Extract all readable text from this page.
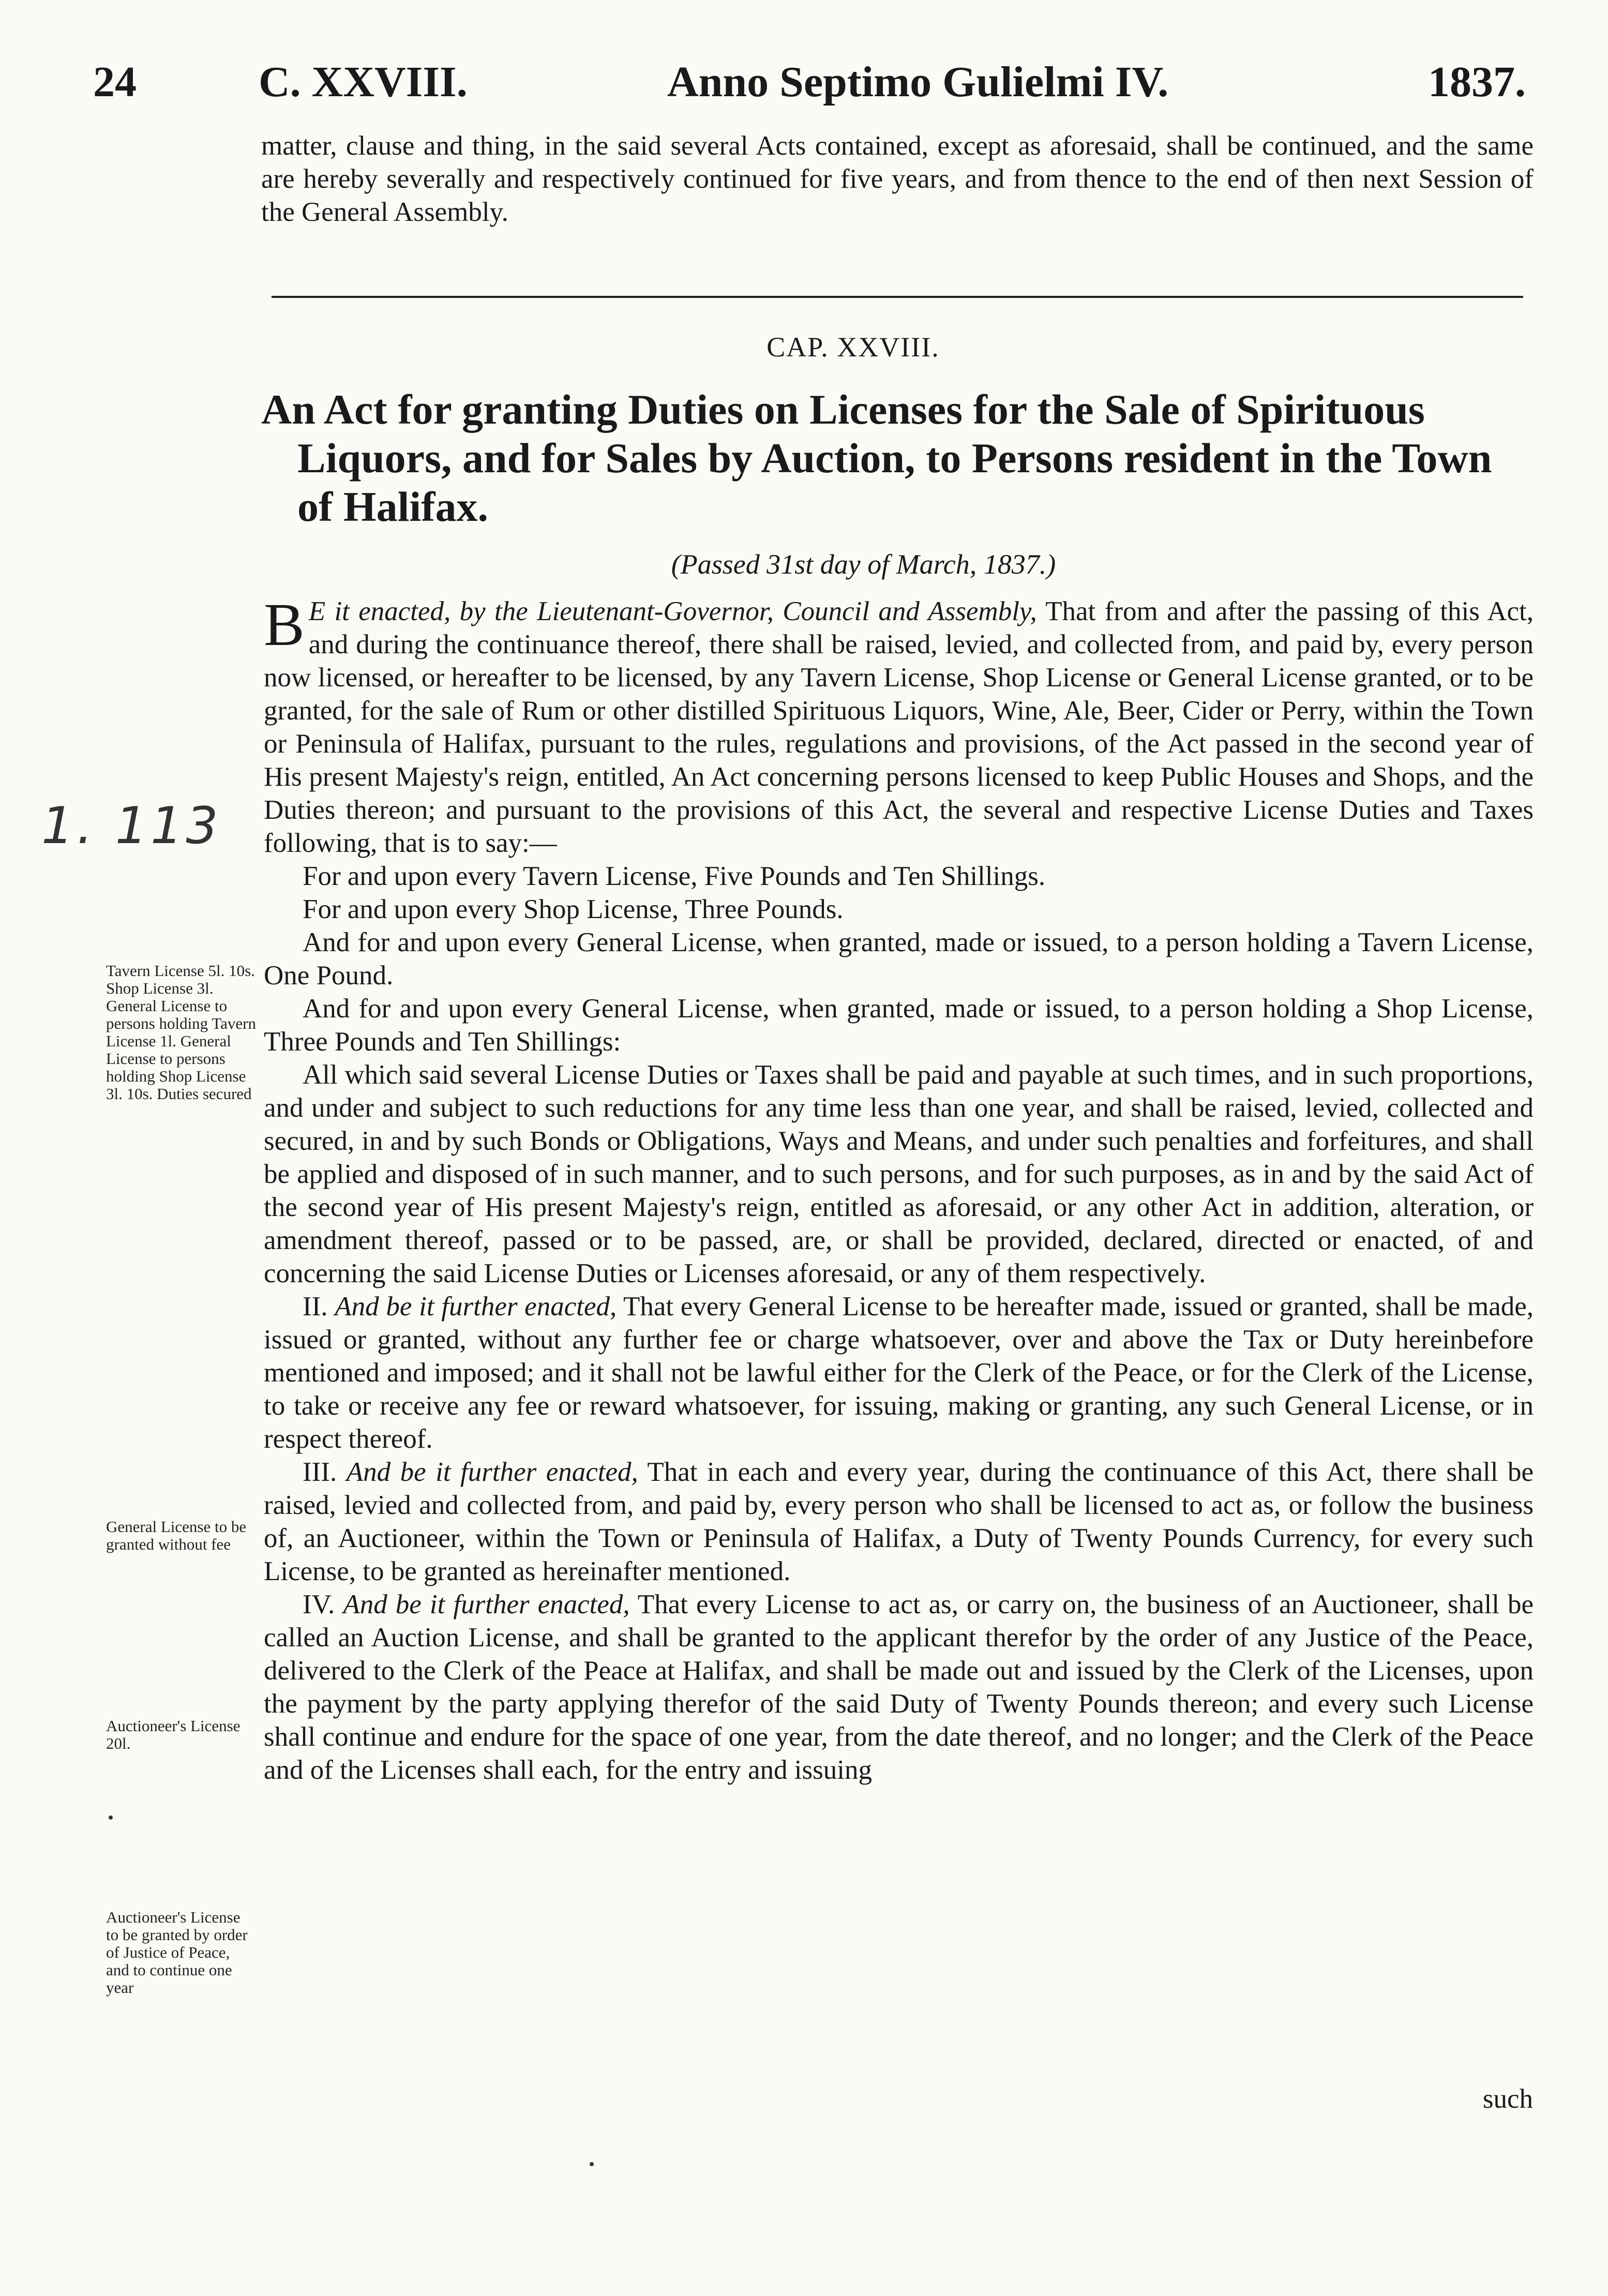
24	C. XXVIII.	Anno Septimo Gulielmi IV.	1837.
matter, clause and thing, in the said several Acts contained, except as aforesaid, shall be continued, and the same are hereby severally and respectively continued for five years, and from thence to the end of then next Session of the General Assembly.
CAP. XXVIII.
An Act for granting Duties on Licenses for the Sale of Spirituous Liquors, and for Sales by Auction, to Persons resident in the Town of Halifax.
(Passed 31st day of March, 1837.)
1. 113

B E it enacted, by the Lieutenant-Governor, Council and Assembly, That from and after the passing of this Act, and during the continuance thereof, there shall be raised, levied, and collected from, and paid by, every person now licensed, or hereafter to be licensed, by any Tavern License, Shop License or General License granted, or to be granted, for the sale of Rum or other distilled Spirituous Liquors, Wine, Ale, Beer, Cider or Perry, within the Town or Peninsula of Halifax, pursuant to the rules, regulations and provisions, of the Act passed in the second year of His present Majesty's reign, entitled, An Act concerning persons licensed to keep Public Houses and Shops, and the Duties thereon; and pursuant to the provisions of this Act, the several and respective License Duties and Taxes following, that is to say:—

For and upon every Tavern License, Five Pounds and Ten Shillings.

For and upon every Shop License, Three Pounds.

And for and upon every General License, when granted, made or issued, to a person holding a Tavern License, One Pound.

And for and upon every General License, when granted, made or issued, to a person holding a Shop License, Three Pounds and Ten Shillings:

All which said several License Duties or Taxes shall be paid and payable at such times, and in such proportions, and under and subject to such reductions for any time less than one year, and shall be raised, levied, collected and secured, in and by such Bonds or Obligations, Ways and Means, and under such penalties and forfeitures, and shall be applied and disposed of in such manner, and to such persons, and for such purposes, as in and by the said Act of the second year of His present Majesty's reign, entitled as aforesaid, or any other Act in addition, alteration, or amendment thereof, passed or to be passed, are, or shall be provided, declared, directed or enacted, of and concerning the said License Duties or Licenses aforesaid, or any of them respectively.

II. And be it further enacted, That every General License to be hereafter made, issued or granted, shall be made, issued or granted, without any further fee or charge whatsoever, over and above the Tax or Duty hereinbefore mentioned and imposed; and it shall not be lawful either for the Clerk of the Peace, or for the Clerk of the License, to take or receive any fee or reward whatsoever, for issuing, making or granting, any such General License, or in respect thereof.

III. And be it further enacted, That in each and every year, during the continuance of this Act, there shall be raised, levied and collected from, and paid by, every person who shall be licensed to act as, or follow the business of, an Auctioneer, within the Town or Peninsula of Halifax, a Duty of Twenty Pounds Currency, for every such License, to be granted as hereinafter mentioned.

IV. And be it further enacted, That every License to act as, or carry on, the business of an Auctioneer, shall be called an Auction License, and shall be granted to the applicant therefor by the order of any Justice of the Peace, delivered to the Clerk of the Peace at Halifax, and shall be made out and issued by the Clerk of the Licenses, upon the payment by the party applying therefor of the said Duty of Twenty Pounds thereon; and every such License shall continue and endure for the space of one year, from the date thereof, and no longer; and the Clerk of the Peace and of the Licenses shall each, for the entry and issuing

such
Tavern License 5l. 10s. Shop License 3l. General License to persons holding Tavern License 1l. General License to persons holding Shop License 3l. 10s. Duties secured
General License to be granted without fee
Auctioneer's License 20l.
Auctioneer's License to be granted by order of Justice of Peace, and to continue one year
